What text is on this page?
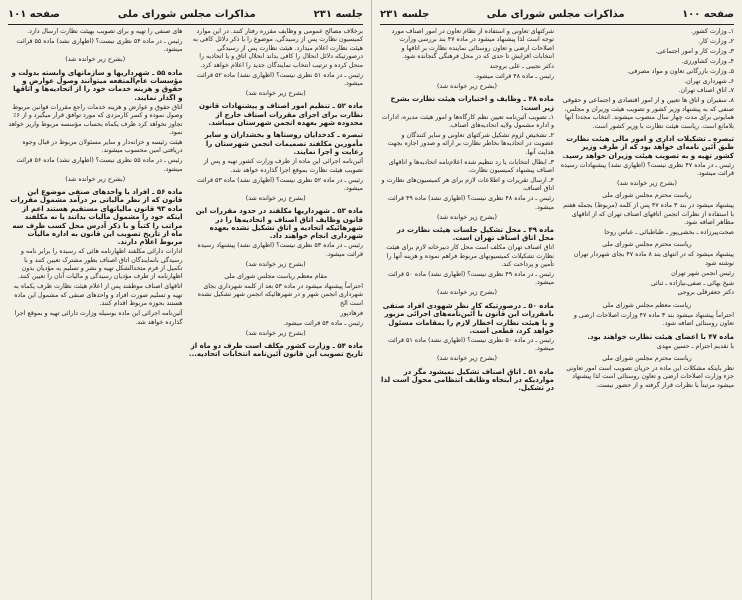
صفحه ۱۰۰
مذاکرات مجلس شورای ملی
جلسه ۲۳۱

۱ـ وزارت کشور.

۲ـ وزارت کار.

۳ـ وزارت کار و امور اجتماعی.

۴ـ وزارت کشاورزی.

۵ـ وزارت بازرگانی تعاون و مواد مصرفی.

۶ـ شهرداری تهران.

۷ـ اتاق اصناف تهران.

۸ـ سفیران و اتاق ها تعیین و از امور اقتصادی و اجتماعی و حقوقی صنفی که به پیشنهاد وزیر کشور و تصویب هیئت وزیران و مجلس، همایونی برای مدت چهار سال منصوب میشوند. انتخاب مجددا آنها بلامانع است. ریاست هیئت نظارت با وزیر کشور است.

تبصره ـ تشکیلات اداری و امور مالی هیئت نظارت طبق آئین نامه‌ای خواهد بود که از طرف وزیر کشور تهیه و به تصویب هیئت وزیران خواهد رسید.

رئیس ـ در ماده ۴۷ نظری نیست؟ (اظهاری نشد) پیشنهادات رسیده قرائت میشود.

(بشرح زیر خوانده شد)

ریاست محترم مجلس شورای ملی

پیشنهاد میشود در بند ۳ ماده ۴۷ پس از کلمه (مربوط) بجمله هفتم با استفاده از نظرات انجمن اتاقهای اصناف تهران که از اتاقهای مظاهر اضافه شود.

صحت‌پیرزاده ـ بخشی‌پور ـ طباطبائی ـ عباس روحا

ریاست محترم مجلس شورای ملی

پیشنهاد میشود که در انتهای بند ۸ ماده ۴۷ بجای شهردار تهران نوشته شود

رئیس انجمن شهر تهران

شیخ بهائی ـ صفی‌ـ‌نیازاده ـ ثنائی

دکتر جعفرقلی بروجی

ریاست معظم مجلس شورای ملی

احتراماً پیشنهاد میشود بند ۳ ماده ۴۷ وزارت اصلاحات ارضی و تعاون روستائی اضافه شود.

ماده ۴۷ با اعضای هیئت نظارت خواهند بود.

با تقدیم احترام ـ حسین مهدی

ریاست محترم مجلس شورای ملی

نظر باینکه مشکلات این ماده در حریان تصویب است امور تعاونی جزء وزارت اصلاحات ارضی و تعاون روستائی است لذا پیشنهاد میشود مرتبتاً با نظرات قرار گرفته و از حضور نیست.

شرکتهای تعاونی و استفاده از نظام تعاون در امور اصناف مورد توجه است لذا پیشنهاد میشود در ماده ۴۷ بند بررسی وزارت اصلاحات ارضی و تعاون روستائی نماینده نظارت بر اتاقها و انتخابات افزایش تا حدی که در محل فرهنگی گنجانده شود.

دکتر نجیبی ـ علی بروجند

رئیس ـ ماده ۴۸ قرائت میشود.

(بشرح زیر خوانده شد)

ماده ۴۸ ـ وظایف و اختیارات هیئت نظارت بشرح زیر است:

۱ـ تصویب آئین‌نامه تعیین نظم کارگاه‌ها و امور هیئت مدیره، ادارات و اداره مشمول ولایه اتحادیه‌های اصناف.

۲ـ تشخیص لزوم تشکیل شرکتهای تعاونی و سایر کنندگان و عضویت در اتحادیه‌ها بخاطر نظارت بر ارائه و صدور اجازه بجهت هدایت آنها.

۳ـ ابطال انتخابات یا رد تنظیم شده اعلام‌نامه اتحادیه‌ها و اتاقهای اصناف پیشنهاد کمیسیون نظارت.

۴ـ ارسال تقریرات و اطلاعات لازم برای هر کمیسیون‌های نظارت و اتاق اصناف.

رئیس ـ در ماده ۴۸ نظری نیست؟ (اظهاری نشد) ماده ۴۹ قرائت میشود.

(بشرح زیر خوانده شد)

ماده ۴۹ ـ محل تشکیل جلسات هیئت نظارت در محل اتاق اصناف تهران است.

اتاق اصناف تهران مکلف است محل کار دبیرخانه لازم برای هیئت نظارت تشکیلات کمیسیونهای مربوط فراهم نموده و هزینه آنها را تأمین و پرداخت کند.

رئیس ـ در ماده ۴۹ نظری نیست؟ (اظهاری نشد) ماده ۵۰ قرائت میشود.

(بشرح زیر خوانده شد)

ماده ۵۰ ـ درصورتیکه کار نظر شهودی افراد صنفی بامقررات این قانون یا آئین‌نامه‌های اجرائی مزبور و یا هیئت نظارت اخطار لازم را بمقامات مسئول خواهد کرد، قطعی است.

رئیس ـ در ماده ۵۰ نظری نیست؟ (اظهاری نشد) ماده ۵۱ قرائت میشود.

(بشرح زیر خوانده شد)

ماده ۵۱ ـ اتاق اصناف تشکیل نمیشود مگر در مواردیکه در اینجاه وظایف انتظامی محول است لذا در تشکیل.

جلسه ۲۳۱
مذاکرات مجلس شورای ملی
صفحه ۱۰۱

برخلاف مصالح عمومی و وظایف مقرره رفتار کنند. در این موارد کمیسیون نظارت پس از رسیدگی، موضوع را با ذکر دلائل کافی به هیئت نظارت اعلام میدارد. هیئت نظارت پس از رسیدگی درصورتیکه دلائل انحلال را کافی بداند انحلال اتاق و یا اتحادیه را منحل کرده و ترتیب انتخاب نمایندگان جدید را اعلام خواهد کرد.

رئیس ـ در ماده ۵۱ نظری نیست؟ (اظهاری نشد) ماده ۵۲ قرائت میشود.

(بشرح زیر خوانده شد)

ماده ۵۲ ـ تنظیم امور اصناف و پیشنهادات قانون نظارت برای اجرای مقررات اصناف خارج از محدوده شهر بعهده انجمن شهرستان میباشد.

تبصره ـ کدخدایان روستاها و بخشداران و سایر مأمورین مکلفند تصمیمات انجمن شهرستان را رعایت و اجرا نمایند.

آئین‌نامه اجرائی این ماده از طرف وزارت کشور تهیه و پس از تصویب هیئت نظارت بموقع اجرا گذارده خواهد شد.

رئیس ـ در ماده ۵۲ نظری نیست؟ (اظهاری نشد) ماده ۵۳ قرائت میشود.

(بشرح زیر خوانده شد)

ماده ۵۳ ـ شهرداریها مکلفند در حدود مقررات این قانون وظایف اتاق اصناف و اتحادیه‌ها را در شهرهائیکه اتحادیه و اتاق تشکیل نشده بعهده شهرداری انجام خواهند داد.

رئیس ـ در ماده ۵۳ نظری نیست؟ (اظهاری نشد) پیشنهاد رسیده قرائت میشود.

(بشرح زیر خوانده شد)

مقام معظم ریاست مجلس شورای ملی

احتراماً پیشنهاد میشود در ماده ۵۳ بعد از کلمه شهرداری بجای شهرداری انجمن شهر و در شهرهائیکه انجمن شهر تشکیل نشده است الخ

فرهادپور

رئیس ـ ماده ۵۴ قرائت میشود.

(بشرح زیر خوانده شد)

ماده ۵۴ ـ وزارت کشور مکلف است طرف دو ماه از تاریخ تصویب این قانون آئین‌نامه انتخابات اتحادیه...

های صنفی را تهیه و برای تصویب بهیئت نظارت ارسال دارد.

رئیس ـ در ماده ۵۴ نظری نیست؟ (اظهاری نشد) ماده ۵۵ قرائت میشود.

(بشرح زیر خوانده شد)

ماده ۵۵ ـ شهرداریها و سازمانهای وابسته بدولت و مؤسسات عام‌المنفعه میتوانند وصول عوارض و حقوق و هزینه خدمات خود را از اتحادیه‌ها و اتاقها و اگذار نمایند.

اتاق حقوق و عوارض و هزینه خدمات راجع مقررات قوانین مربوط وصول نموده و کسر کارمزدی که مورد توافق قرار میگیرد و از ۶٪ تجاوز نخواهد کرد ظرف یکماه بحساب مؤسسه مربوط واریز خواهد نمود.

هیئت رئیسه و خزانه‌دار و سایر مسئولان مربوط در قبال وجوه دریافتی امین محسوب میشوند.

رئیس ـ در ماده ۵۵ نظری نیست؟ (اظهاری نشد) ماده ۵۶ قرائت میشود.

(بشرح زیر خوانده شد)

ماده ۵۶ ـ افراد یا واحدهای صنفی موضوع این قانون که از نظر مالیاتی بر درآمد مشمول مقررات ماده ۹۳ قانون مالیاتهای مستقیم هستند اعم از اینکه خود را مشمول مالیات بدانند یا نه مکلفند مراتب را کتباً و با ذکر آدرس محل کسب ظرف سه ماه از تاریخ تصویب این قانون به اداره مالیات مربوط اعلام دارند.

ادارات دارائی مکلفند اظهارنامه هائی که رسیده را برابر نامه و رسیدگی بانمایندگان اتاق اصناف بطور مشترک تعیین کنند و با تکمیل از فرم متحدالشکل تهیه و نشر و تسلیم به مؤدیان بدون اظهارنامه از طرف مؤدیان رسیدگی و مالیات آنان را تعیین کنند.

اتاقهای اصناف موظفند پس از اعلام هیئت نظارت ظرف یکماه به تهیه و تسلیم صورت افراد و واحدهای صنفی که مشمول این ماده هستند بحوزه مربوط اقدام کنند.

آئین‌نامه اجرائی این ماده بوسیله وزارت دارائی تهیه و بموقع اجرا گذارده خواهد شد.
